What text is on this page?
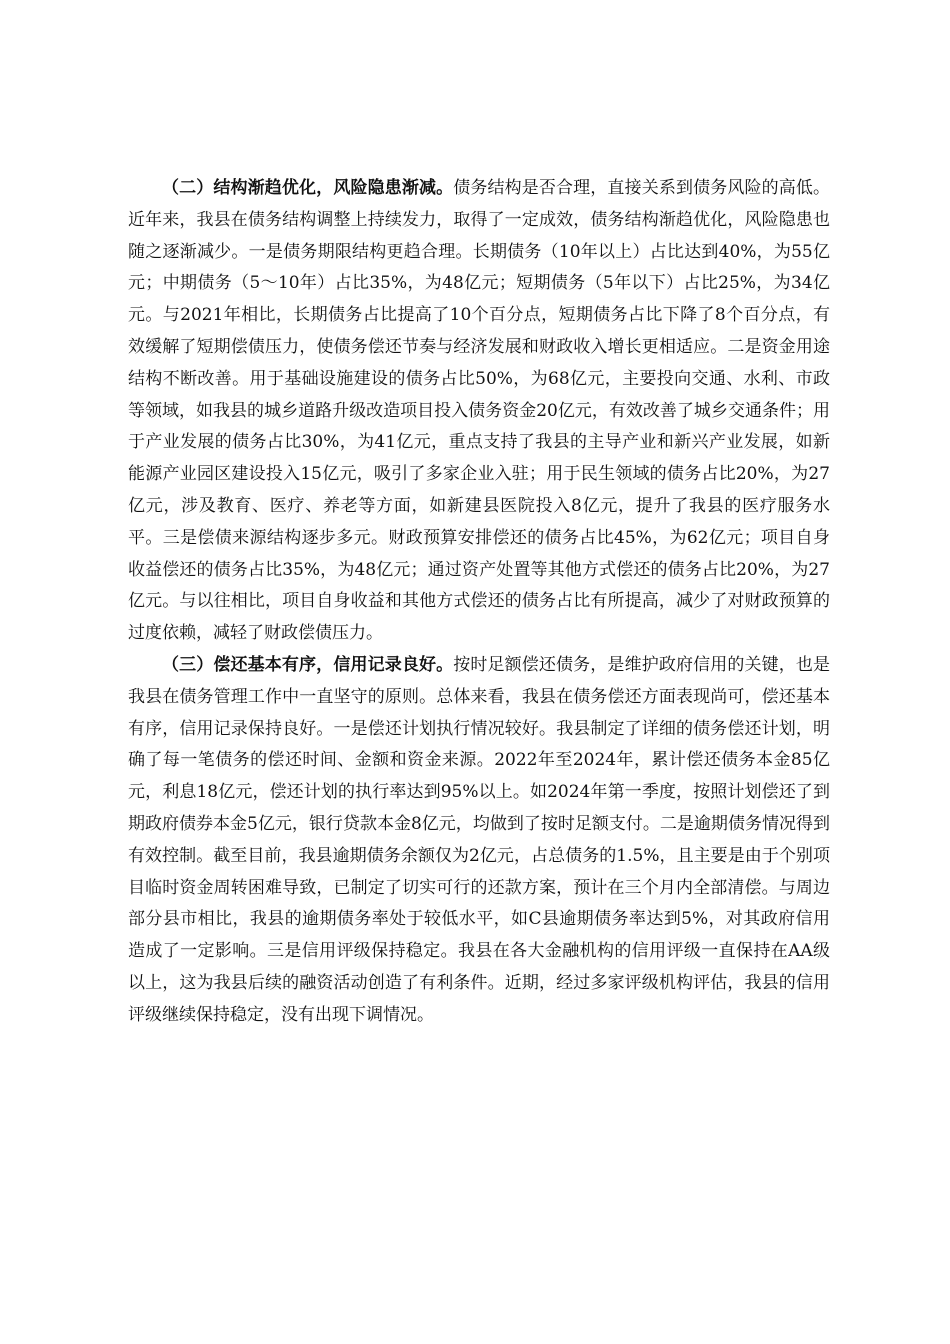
（二）结构渐趋优化，风险隐患渐减。债务结构是否合理，直接关系到债务风险的高低。近年来，我县在债务结构调整上持续发力，取得了一定成效，债务结构渐趋优化，风险隐患也随之逐渐减少。一是债务期限结构更趋合理。长期债务（10年以上）占比达到40%，为55亿元；中期债务（5～10年）占比35%，为48亿元；短期债务（5年以下）占比25%，为34亿元。与2021年相比，长期债务占比提高了10个百分点，短期债务占比下降了8个百分点，有效缓解了短期偿债压力，使债务偿还节奏与经济发展和财政收入增长更相适应。二是资金用途结构不断改善。用于基础设施建设的债务占比50%，为68亿元，主要投向交通、水利、市政等领域，如我县的城乡道路升级改造项目投入债务资金20亿元，有效改善了城乡交通条件；用于产业发展的债务占比30%，为41亿元，重点支持了我县的主导产业和新兴产业发展，如新能源产业园区建设投入15亿元，吸引了多家企业入驻；用于民生领域的债务占比20%，为27亿元，涉及教育、医疗、养老等方面，如新建县医院投入8亿元，提升了我县的医疗服务水平。三是偿债来源结构逐步多元。财政预算安排偿还的债务占比45%，为62亿元；项目自身收益偿还的债务占比35%，为48亿元；通过资产处置等其他方式偿还的债务占比20%，为27亿元。与以往相比，项目自身收益和其他方式偿还的债务占比有所提高，减少了对财政预算的过度依赖，减轻了财政偿债压力。

（三）偿还基本有序，信用记录良好。按时足额偿还债务，是维护政府信用的关键，也是我县在债务管理工作中一直坚守的原则。总体来看，我县在债务偿还方面表现尚可，偿还基本有序，信用记录保持良好。一是偿还计划执行情况较好。我县制定了详细的债务偿还计划，明确了每一笔债务的偿还时间、金额和资金来源。2022年至2024年，累计偿还债务本金85亿元，利息18亿元，偿还计划的执行率达到95%以上。如2024年第一季度，按照计划偿还了到期政府债券本金5亿元，银行贷款本金8亿元，均做到了按时足额支付。二是逾期债务情况得到有效控制。截至目前，我县逾期债务余额仅为2亿元，占总债务的1.5%，且主要是由于个别项目临时资金周转困难导致，已制定了切实可行的还款方案，预计在三个月内全部清偿。与周边部分县市相比，我县的逾期债务率处于较低水平，如C县逾期债务率达到5%，对其政府信用造成了一定影响。三是信用评级保持稳定。我县在各大金融机构的信用评级一直保持在AA级以上，这为我县后续的融资活动创造了有利条件。近期，经过多家评级机构评估，我县的信用评级继续保持稳定，没有出现下调情况。
